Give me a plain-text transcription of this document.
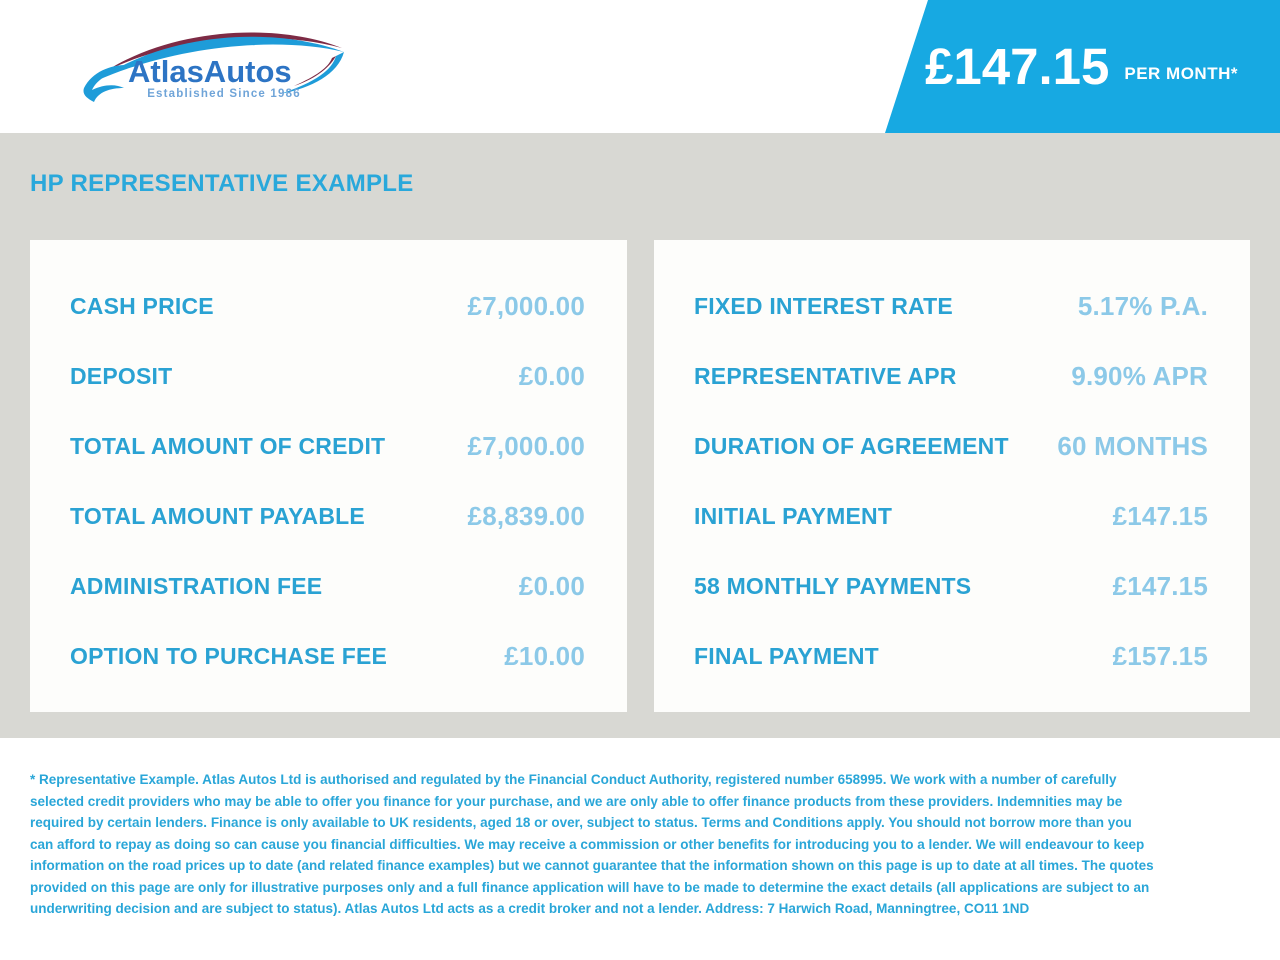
AtlasAutos
Established Since 1986	£147.15 PER MONTH*
HP REPRESENTATIVE EXAMPLE
CASH PRICE	£7,000.00
DEPOSIT	£0.00
TOTAL AMOUNT OF CREDIT	£7,000.00
TOTAL AMOUNT PAYABLE	£8,839.00
ADMINISTRATION FEE	£0.00
OPTION TO PURCHASE FEE	£10.00
FIXED INTEREST RATE	5.17% P.A.
REPRESENTATIVE APR	9.90% APR
DURATION OF AGREEMENT 60 MONTHS
INITIAL PAYMENT	£147.15
58 MONTHLY PAYMENTS	£147.15
FINAL PAYMENT	£157.15
* Representative Example. Atlas Autos Ltd is authorised and regulated by the Financial Conduct Authority, registered number 658995. We work with a number of carefully selected credit providers who may be able to offer you finance for your purchase, and we are only able to offer finance products from these providers. Indemnities may be required by certain lenders. Finance is only available to UK residents, aged 18 or over, subject to status. Terms and Conditions apply. You should not borrow more than you can afford to repay as doing so can cause you financial difficulties. We may receive a commission or other benefits for introducing you to a lender. We will endeavour to keep information on the road prices up to date (and related finance examples) but we cannot guarantee that the information shown on this page is up to date at all times. The quotes provided on this page are only for illustrative purposes only and a full finance application will have to be made to determine the exact details (all applications are subject to an underwriting decision and are subject to status). Atlas Autos Ltd acts as a credit broker and not a lender. Address: 7 Harwich Road, Manningtree, CO11 1ND
